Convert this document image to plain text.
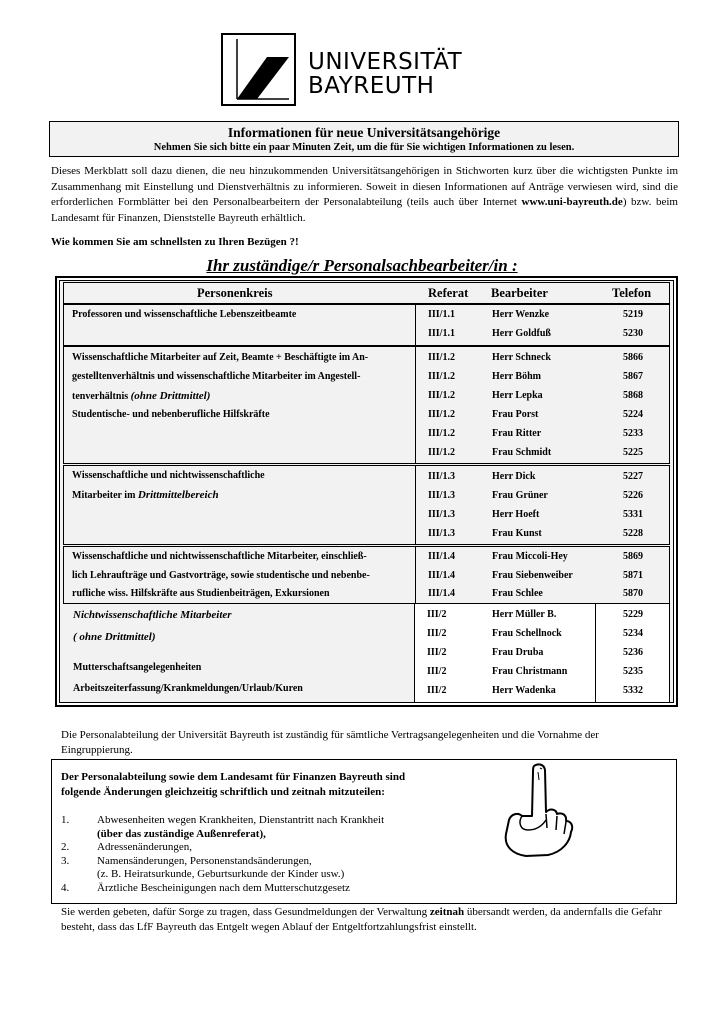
UNIVERSITÄT
BAYREUTH
Informationen für neue Universitätsangehörige
Nehmen Sie sich bitte ein paar Minuten Zeit, um die für Sie wichtigen Informationen zu lesen.
Dieses Merkblatt soll dazu dienen, die neu hinzukommenden Universitätsangehörigen in Stichworten kurz über die wichtigsten Punkte im Zusammenhang mit Einstellung und Dienstverhältnis zu informieren. Soweit in diesen Informationen auf Anträge verwiesen wird, sind die erforderlichen Formblätter bei den Personalbearbeitern der Personalabteilung (teils auch über Internet www.uni-bayreuth.de) bzw. beim Landesamt für Finanzen, Dienststelle Bayreuth erhältlich.
Wie kommen Sie am schnellsten zu Ihren Bezügen ?!
Ihr zuständige/r Personalsachbearbeiter/in :
Personenkreis	Referat Bearbeiter	Telefon
Professoren und wissenschaftliche Lebenszeitbeamte	III/1.1	Herr Wenzke	5219
III/1.1	Herr Goldfuß	5230
Wissenschaftliche Mitarbeiter auf Zeit, Beamte + Beschäftigte im An-
gestelltenverhältnis und wissenschaftliche Mitarbeiter im Angestell-
tenverhältnis (ohne Drittmittel)
Studentische- und nebenberufliche Hilfskräfte
III/1.2	Herr Schneck	5866
III/1.2	Herr Böhm	5867
III/1.2	Herr Lepka	5868
III/1.2	Frau Porst	5224
III/1.2	Frau Ritter	5233
III/1.2	Frau Schmidt	5225
Wissenschaftliche und nichtwissenschaftliche
Mitarbeiter im Drittmittelbereich
III/1.3	Herr Dick	5227
III/1.3	Frau Grüner	5226
III/1.3	Herr Hoeft	5331
III/1.3	Frau Kunst	5228
Wissenschaftliche und nichtwissenschaftliche Mitarbeiter, einschließ-
lich Lehraufträge und Gastvorträge, sowie studentische und nebenbe-
rufliche wiss. Hilfskräfte aus Studienbeiträgen, Exkursionen
III/1.4	Frau Miccoli-Hey	5869
III/1.4	Frau Siebenweiber	5871
III/1.4	Frau Schlee	5870
Nichtwissenschaftliche Mitarbeiter
( ohne Drittmittel)
Mutterschaftsangelegenheiten
Arbeitszeiterfassung/Krankmeldungen/Urlaub/Kuren
III/2	Herr Müller B.	5229
III/2	Frau Schellnock	5234
III/2	Frau Druba	5236
III/2	Frau Christmann	5235
III/2	Herr Wadenka	5332
Die Personalabteilung der Universität Bayreuth ist zuständig für sämtliche Vertragsangelegenheiten und die Vornahme der Eingruppierung.
Der Personalabteilung sowie dem Landesamt für Finanzen Bayreuth sind
folgende Änderungen gleichzeitig schriftlich und zeitnah mitzuteilen:
1.	Abwesenheiten wegen Krankheiten, Dienstantritt nach Krankheit
(über das zuständige Außenreferat),
2.	Adressenänderungen,
3.	Namensänderungen, Personenstandsänderungen,
(z. B. Heiratsurkunde, Geburtsurkunde der Kinder usw.)
4.	Ärztliche Bescheinigungen nach dem Mutterschutzgesetz
Sie werden gebeten, dafür Sorge zu tragen, dass Gesundmeldungen der Verwaltung zeitnah übersandt werden, da andernfalls die Gefahr besteht, dass das LfF Bayreuth das Entgelt wegen Ablauf der Entgeltfortzahlungsfrist einstellt.
